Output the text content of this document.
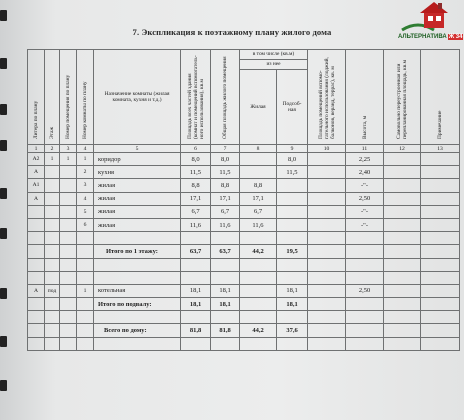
АЛЬТЕРНАТИВА Ж 34
7. Экспликация к поэтажному плану жилого дома
Литера по плану	Этаж	Номер помещения по плану	Номер комнаты по плану	Назначение комнаты (жилая комната, кухня и т.д.)	Площадь всех частей здания (комнат и помещений вспомогатель- ного использования), кв.м	Общая площадь жилого помещения	в том числе (кв.м)		Площадь помещений вспомо- гательного использования (лоджий, балконов, веранд, террас), кв. м	Высота, м	Самовольно переустроенная или перепланированная площадь, кв.м	Примечание

							из нее					
							Жилая	Подсоб- ная				

1	2	3	4	5	6	7	8	9	10	11	12	13
А2	1	1	1	коридор	8,0	8,0		8,0		2,25		
А			2	кухня	11,5	11,5		11,5		2,40		
А1			3	жилая	8,8	8,8	8,8			-"-		
А			4	жилая	17,1	17,1	17,1			2,50		
			5	жилая	6,7	6,7	6,7			-"-		
			6	жилая	11,6	11,6	11,6			-"-		

				Итого по 1 этажу:	63,7	63,7	44,2	19,5				

А	под		1	котельная	18,1	18,1		18,1		2,50		
				Итого по подвалу:	18,1	18,1		18,1				

				Всего по дому:	81,8	81,8	44,2	37,6				
